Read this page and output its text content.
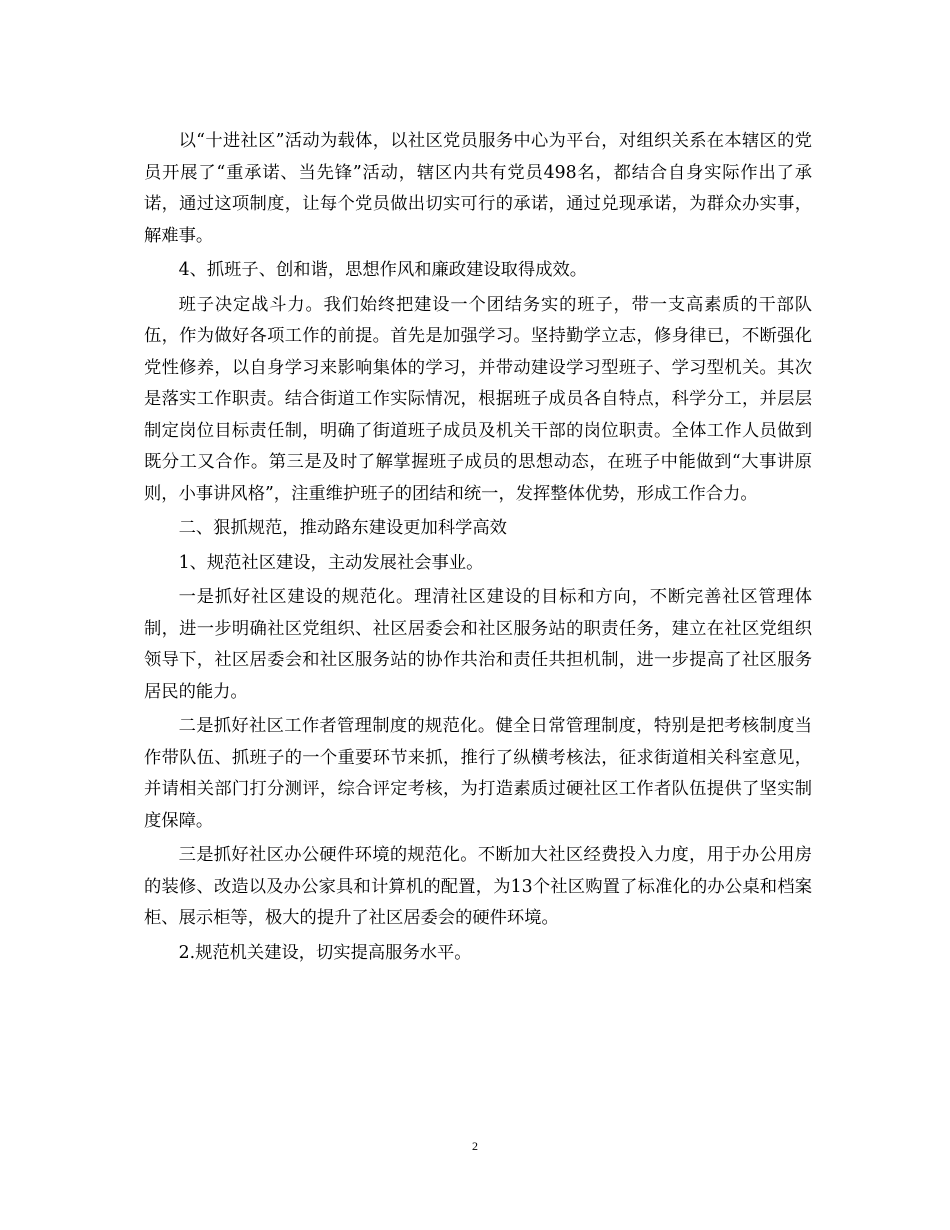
以“十进社区”活动为载体，以社区党员服务中心为平台，对组织关系在本辖区的党员开展了“重承诺、当先锋”活动，辖区内共有党员498名，都结合自身实际作出了承诺，通过这项制度，让每个党员做出切实可行的承诺，通过兑现承诺，为群众办实事，解难事。

4、抓班子、创和谐，思想作风和廉政建设取得成效。

班子决定战斗力。我们始终把建设一个团结务实的班子，带一支高素质的干部队伍，作为做好各项工作的前提。首先是加强学习。坚持勤学立志，修身律已，不断强化党性修养，以自身学习来影响集体的学习，并带动建设学习型班子、学习型机关。其次是落实工作职责。结合街道工作实际情况，根据班子成员各自特点，科学分工，并层层制定岗位目标责任制，明确了街道班子成员及机关干部的岗位职责。全体工作人员做到既分工又合作。第三是及时了解掌握班子成员的思想动态，在班子中能做到“大事讲原则，小事讲风格”，注重维护班子的团结和统一，发挥整体优势，形成工作合力。

二、狠抓规范，推动路东建设更加科学高效

1、规范社区建设，主动发展社会事业。

一是抓好社区建设的规范化。理清社区建设的目标和方向，不断完善社区管理体制，进一步明确社区党组织、社区居委会和社区服务站的职责任务，建立在社区党组织领导下，社区居委会和社区服务站的协作共治和责任共担机制，进一步提高了社区服务居民的能力。

二是抓好社区工作者管理制度的规范化。健全日常管理制度，特别是把考核制度当作带队伍、抓班子的一个重要环节来抓，推行了纵横考核法，征求街道相关科室意见，并请相关部门打分测评，综合评定考核，为打造素质过硬社区工作者队伍提供了坚实制度保障。

三是抓好社区办公硬件环境的规范化。不断加大社区经费投入力度，用于办公用房的装修、改造以及办公家具和计算机的配置，为13个社区购置了标准化的办公桌和档案柜、展示柜等，极大的提升了社区居委会的硬件环境。

2.规范机关建设，切实提高服务水平。

2
